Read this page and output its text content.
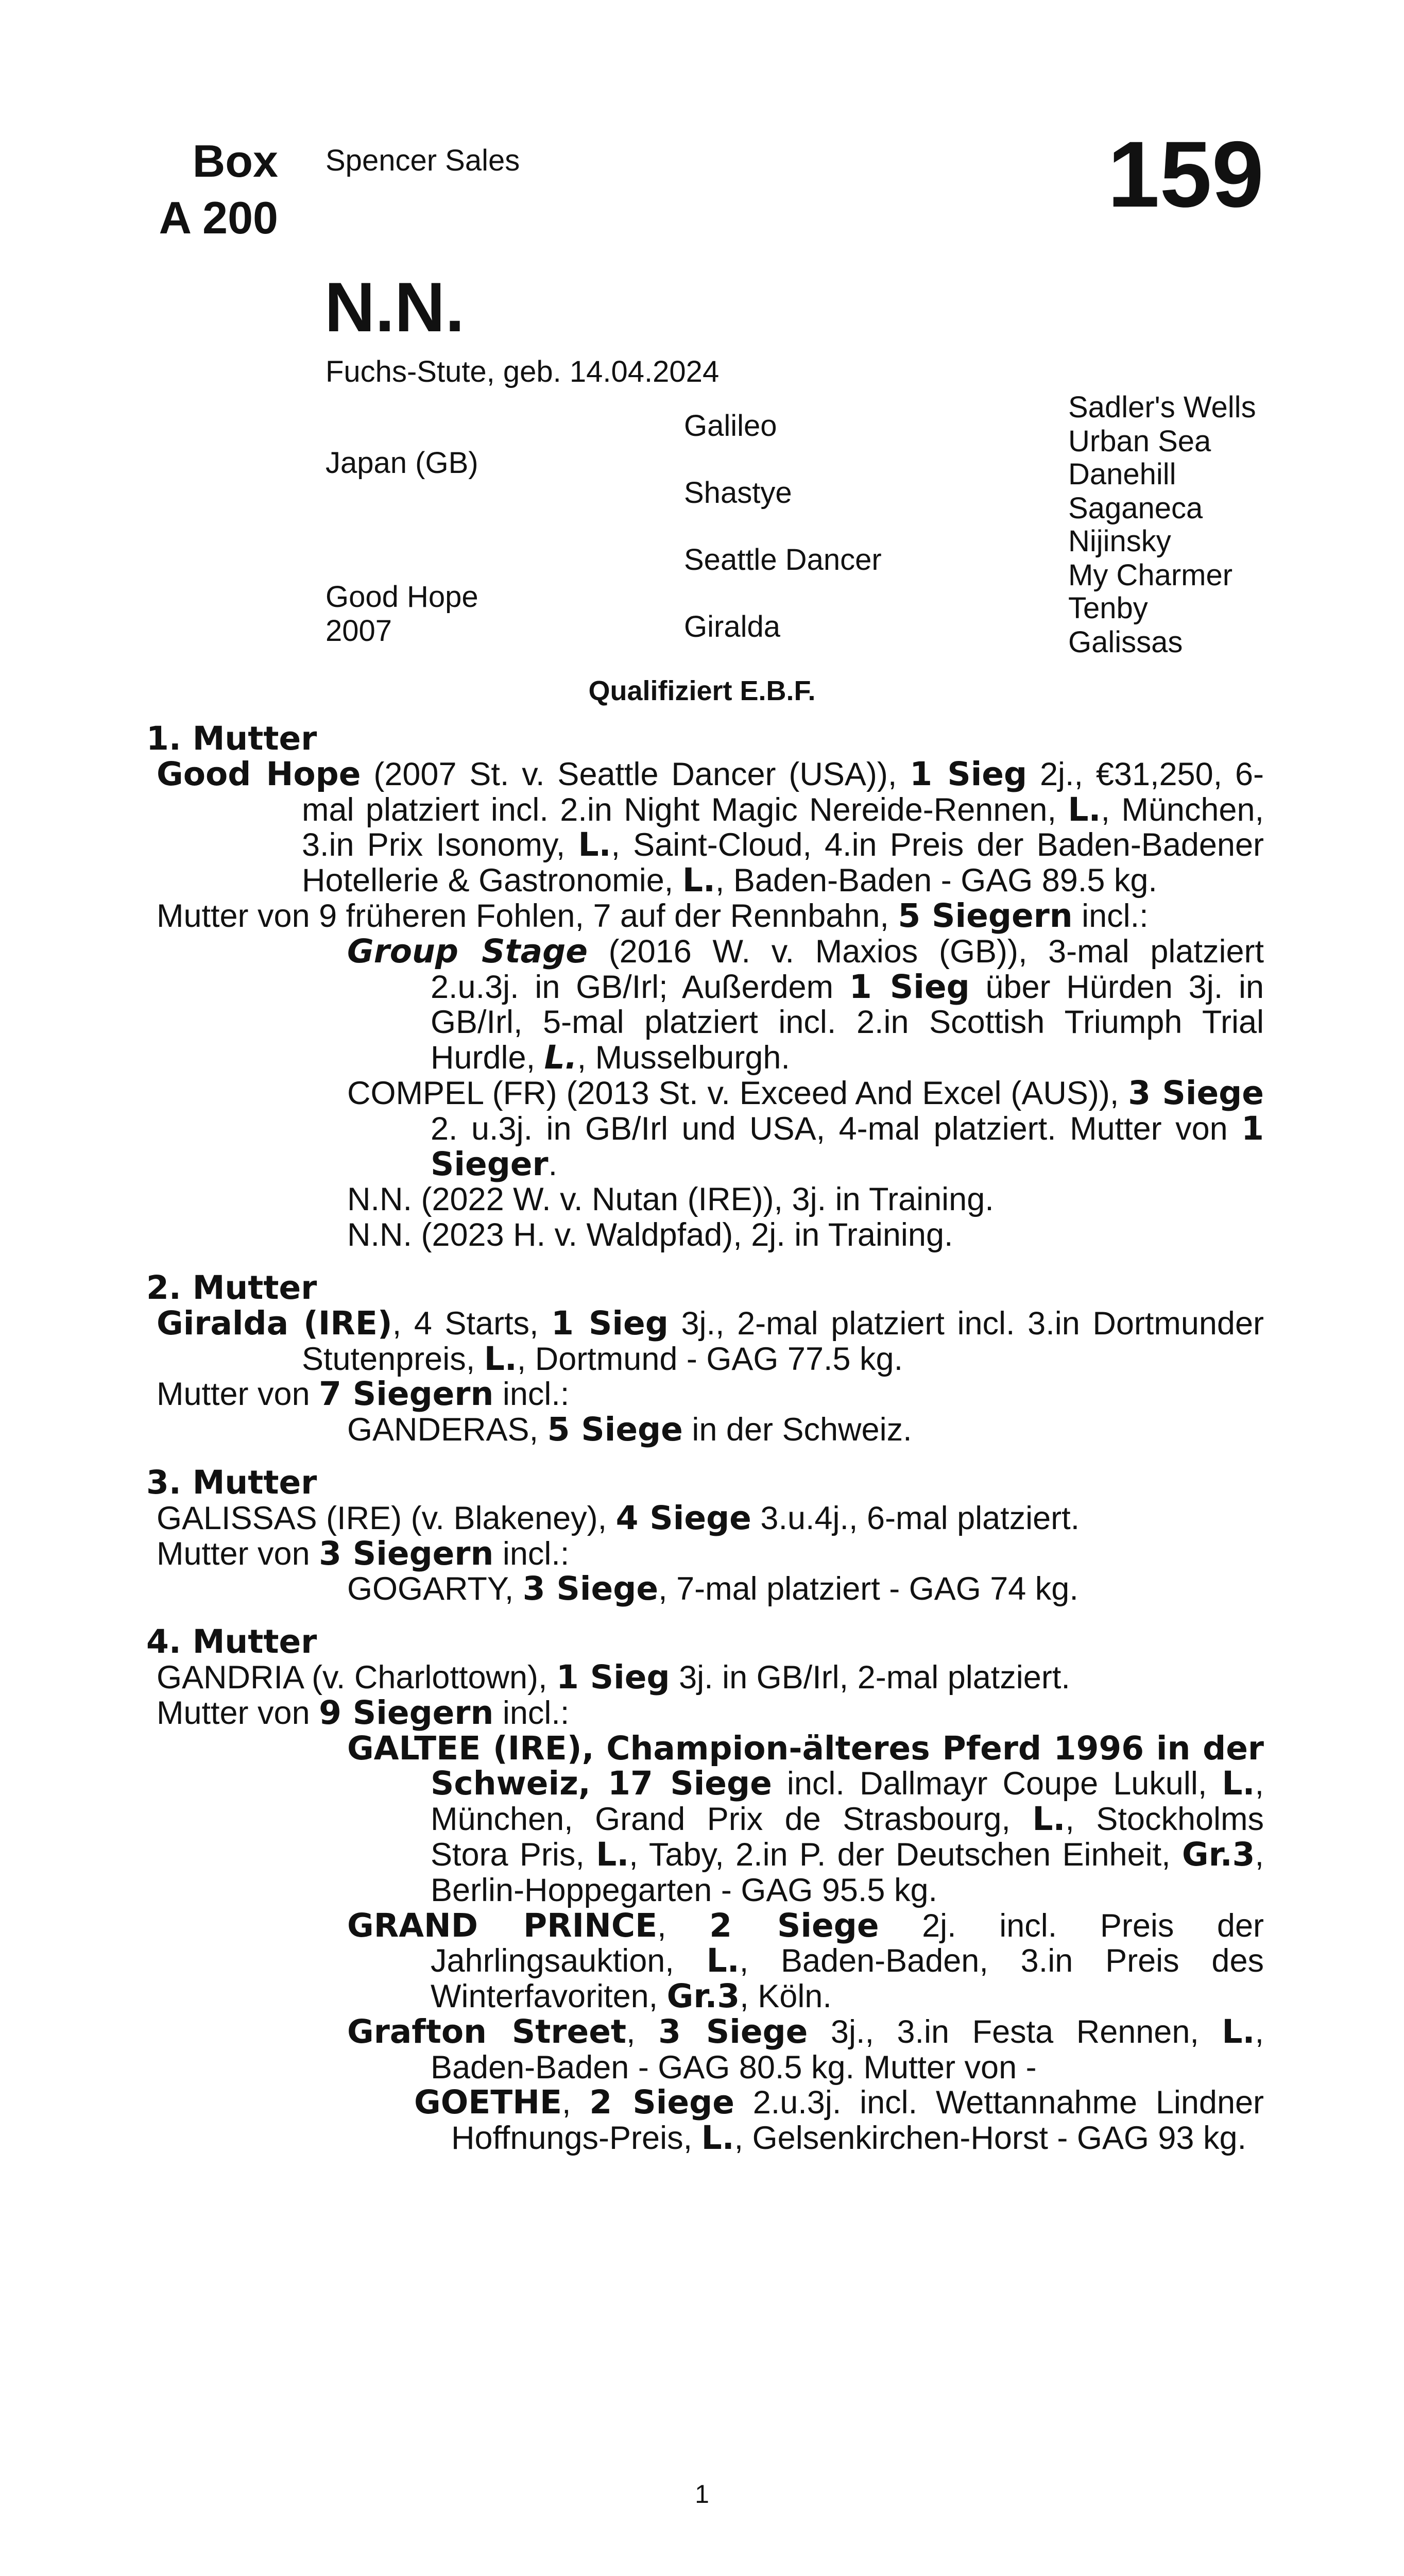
Box
A 200
Spencer Sales	159
N.N.
Fuchs-Stute, geb. 14.04.2024
Japan (GB)
Good Hope
2007
Galileo
Shastye
Seattle Dancer
Giralda
Sadler's Wells
Urban Sea
Danehill
Saganeca
Nijinsky
My Charmer
Tenby
Galissas
Qualifiziert E.B.F.

1. Mutter

Good Hope (2007 St. v. Seattle Dancer (USA)), 1 Sieg 2j., €31,250, 6-mal platziert incl. 2.in Night Magic Nereide-Rennen, L., München, 3.in Prix Isonomy, L., Saint-Cloud, 4.in Preis der Baden-Badener Hotellerie & Gastronomie, L., Baden-Baden - GAG 89.5 kg.

Mutter von 9 früheren Fohlen, 7 auf der Rennbahn, 5 Siegern incl.:

Group Stage (2016 W. v. Maxios (GB)), 3-mal platziert 2.u.3j. in GB/Irl; Außerdem 1 Sieg über Hürden 3j. in GB/Irl, 5-mal platziert incl. 2.in Scottish Triumph Trial Hurdle, L., Musselburgh.

COMPEL (FR) (2013 St. v. Exceed And Excel (AUS)), 3 Siege 2. u.3j. in GB/Irl und USA, 4-mal platziert. Mutter von 1 Sieger.

N.N. (2022 W. v. Nutan (IRE)), 3j. in Training.

N.N. (2023 H. v. Waldpfad), 2j. in Training.

2. Mutter

Giralda (IRE), 4 Starts, 1 Sieg 3j., 2-mal platziert incl. 3.in Dortmunder Stutenpreis, L., Dortmund - GAG 77.5 kg.

Mutter von 7 Siegern incl.:

GANDERAS, 5 Siege in der Schweiz.

3. Mutter

GALISSAS (IRE) (v. Blakeney), 4 Siege 3.u.4j., 6-mal platziert.

Mutter von 3 Siegern incl.:

GOGARTY, 3 Siege, 7-mal platziert - GAG 74 kg.

4. Mutter

GANDRIA (v. Charlottown), 1 Sieg 3j. in GB/Irl, 2-mal platziert.

Mutter von 9 Siegern incl.:

GALTEE (IRE), Champion-älteres Pferd 1996 in der Schweiz, 17 Siege incl. Dallmayr Coupe Lukull, L., München, Grand Prix de Strasbourg, L., Stockholms Stora Pris, L., Taby, 2.in P. der Deutschen Einheit, Gr.3, Berlin-Hoppegarten - GAG 95.5 kg.

GRAND PRINCE, 2 Siege 2j. incl. Preis der Jahrlingsauktion, L., Baden-Baden, 3.in Preis des Winterfavoriten, Gr.3, Köln.

Grafton Street, 3 Siege 3j., 3.in Festa Rennen, L., Baden-Baden - GAG 80.5 kg. Mutter von -

GOETHE, 2 Siege 2.u.3j. incl. Wettannahme Lindner Hoffnungs-Preis, L., Gelsenkirchen-Horst - GAG 93 kg.

1
